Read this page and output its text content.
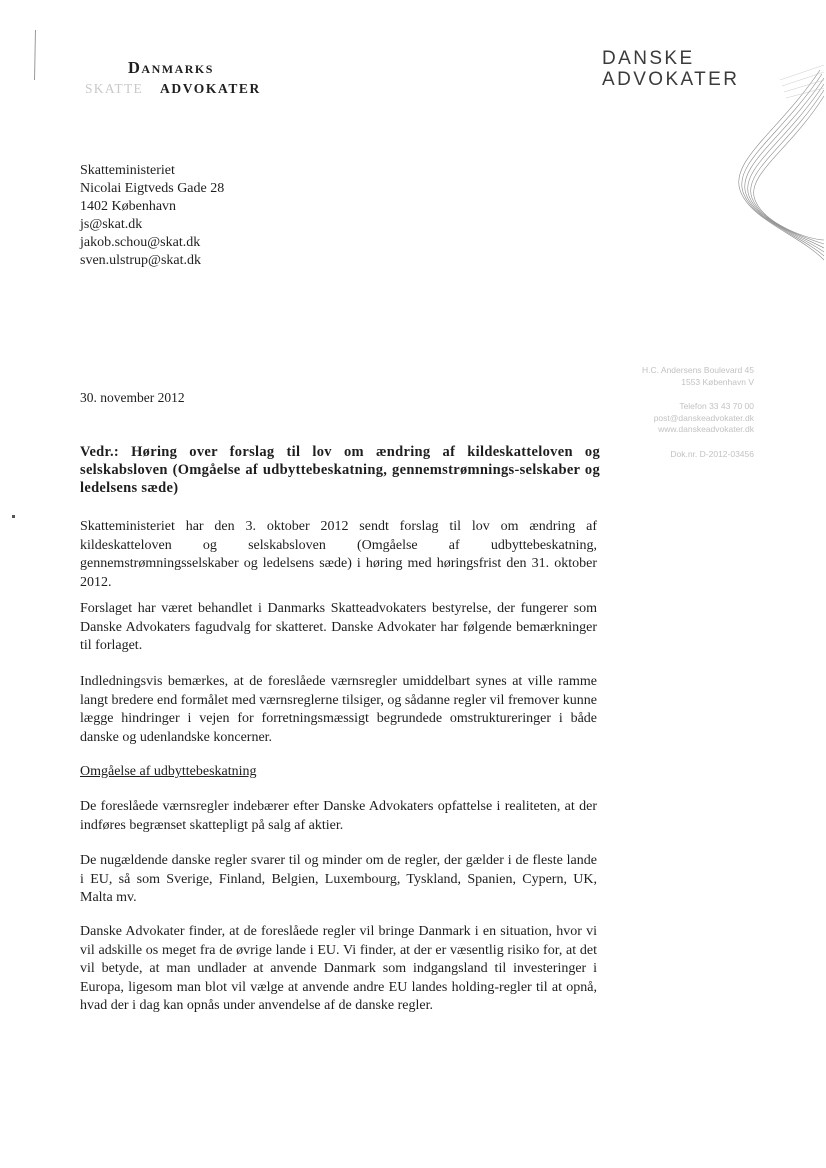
Danmarks
SKATTE ADVOKATER
DANSKE
ADVOKATER
Skatteministeriet
Nicolai Eigtveds Gade 28
1402 København
js@skat.dk
jakob.schou@skat.dk
sven.ulstrup@skat.dk
H.C. Andersens Boulevard 45
1553 København V
Telefon 33 43 70 00
post@danskeadvokater.dk
www.danskeadvokater.dk
Dok.nr. D-2012-03456
30. november 2012
Vedr.: Høring over forslag til lov om ændring af kildeskatteloven og selskabsloven (Omgåelse af udbyttebeskatning, gennemstrømnings-selskaber og ledelsens sæde)
Skatteministeriet har den 3. oktober 2012 sendt forslag til lov om ændring af kildeskatteloven og selskabsloven (Omgåelse af udbyttebeskatning, gennemstrømningsselskaber og ledelsens sæde) i høring med høringsfrist den 31. oktober 2012.
Forslaget har været behandlet i Danmarks Skatteadvokaters bestyrelse, der fungerer som Danske Advokaters fagudvalg for skatteret. Danske Advokater har følgende bemærkninger til forlaget.
Indledningsvis bemærkes, at de foreslåede værnsregler umiddelbart synes at ville ramme langt bredere end formålet med værnsreglerne tilsiger, og sådanne regler vil fremover kunne lægge hindringer i vejen for forretningsmæssigt begrundede omstruktureringer i både danske og udenlandske koncerner.
Omgåelse af udbyttebeskatning
De foreslåede værnsregler indebærer efter Danske Advokaters opfattelse i realiteten, at der indføres begrænset skattepligt på salg af aktier.
De nugældende danske regler svarer til og minder om de regler, der gælder i de fleste lande i EU, så som Sverige, Finland, Belgien, Luxembourg, Tyskland, Spanien, Cypern, UK, Malta mv.
Danske Advokater finder, at de foreslåede regler vil bringe Danmark i en situation, hvor vi vil adskille os meget fra de øvrige lande i EU. Vi finder, at der er væsentlig risiko for, at det vil betyde, at man undlader at anvende Danmark som indgangsland til investeringer i Europa, ligesom man blot vil vælge at anvende andre EU landes holding-regler til at opnå, hvad der i dag kan opnås under anvendelse af de danske regler.
